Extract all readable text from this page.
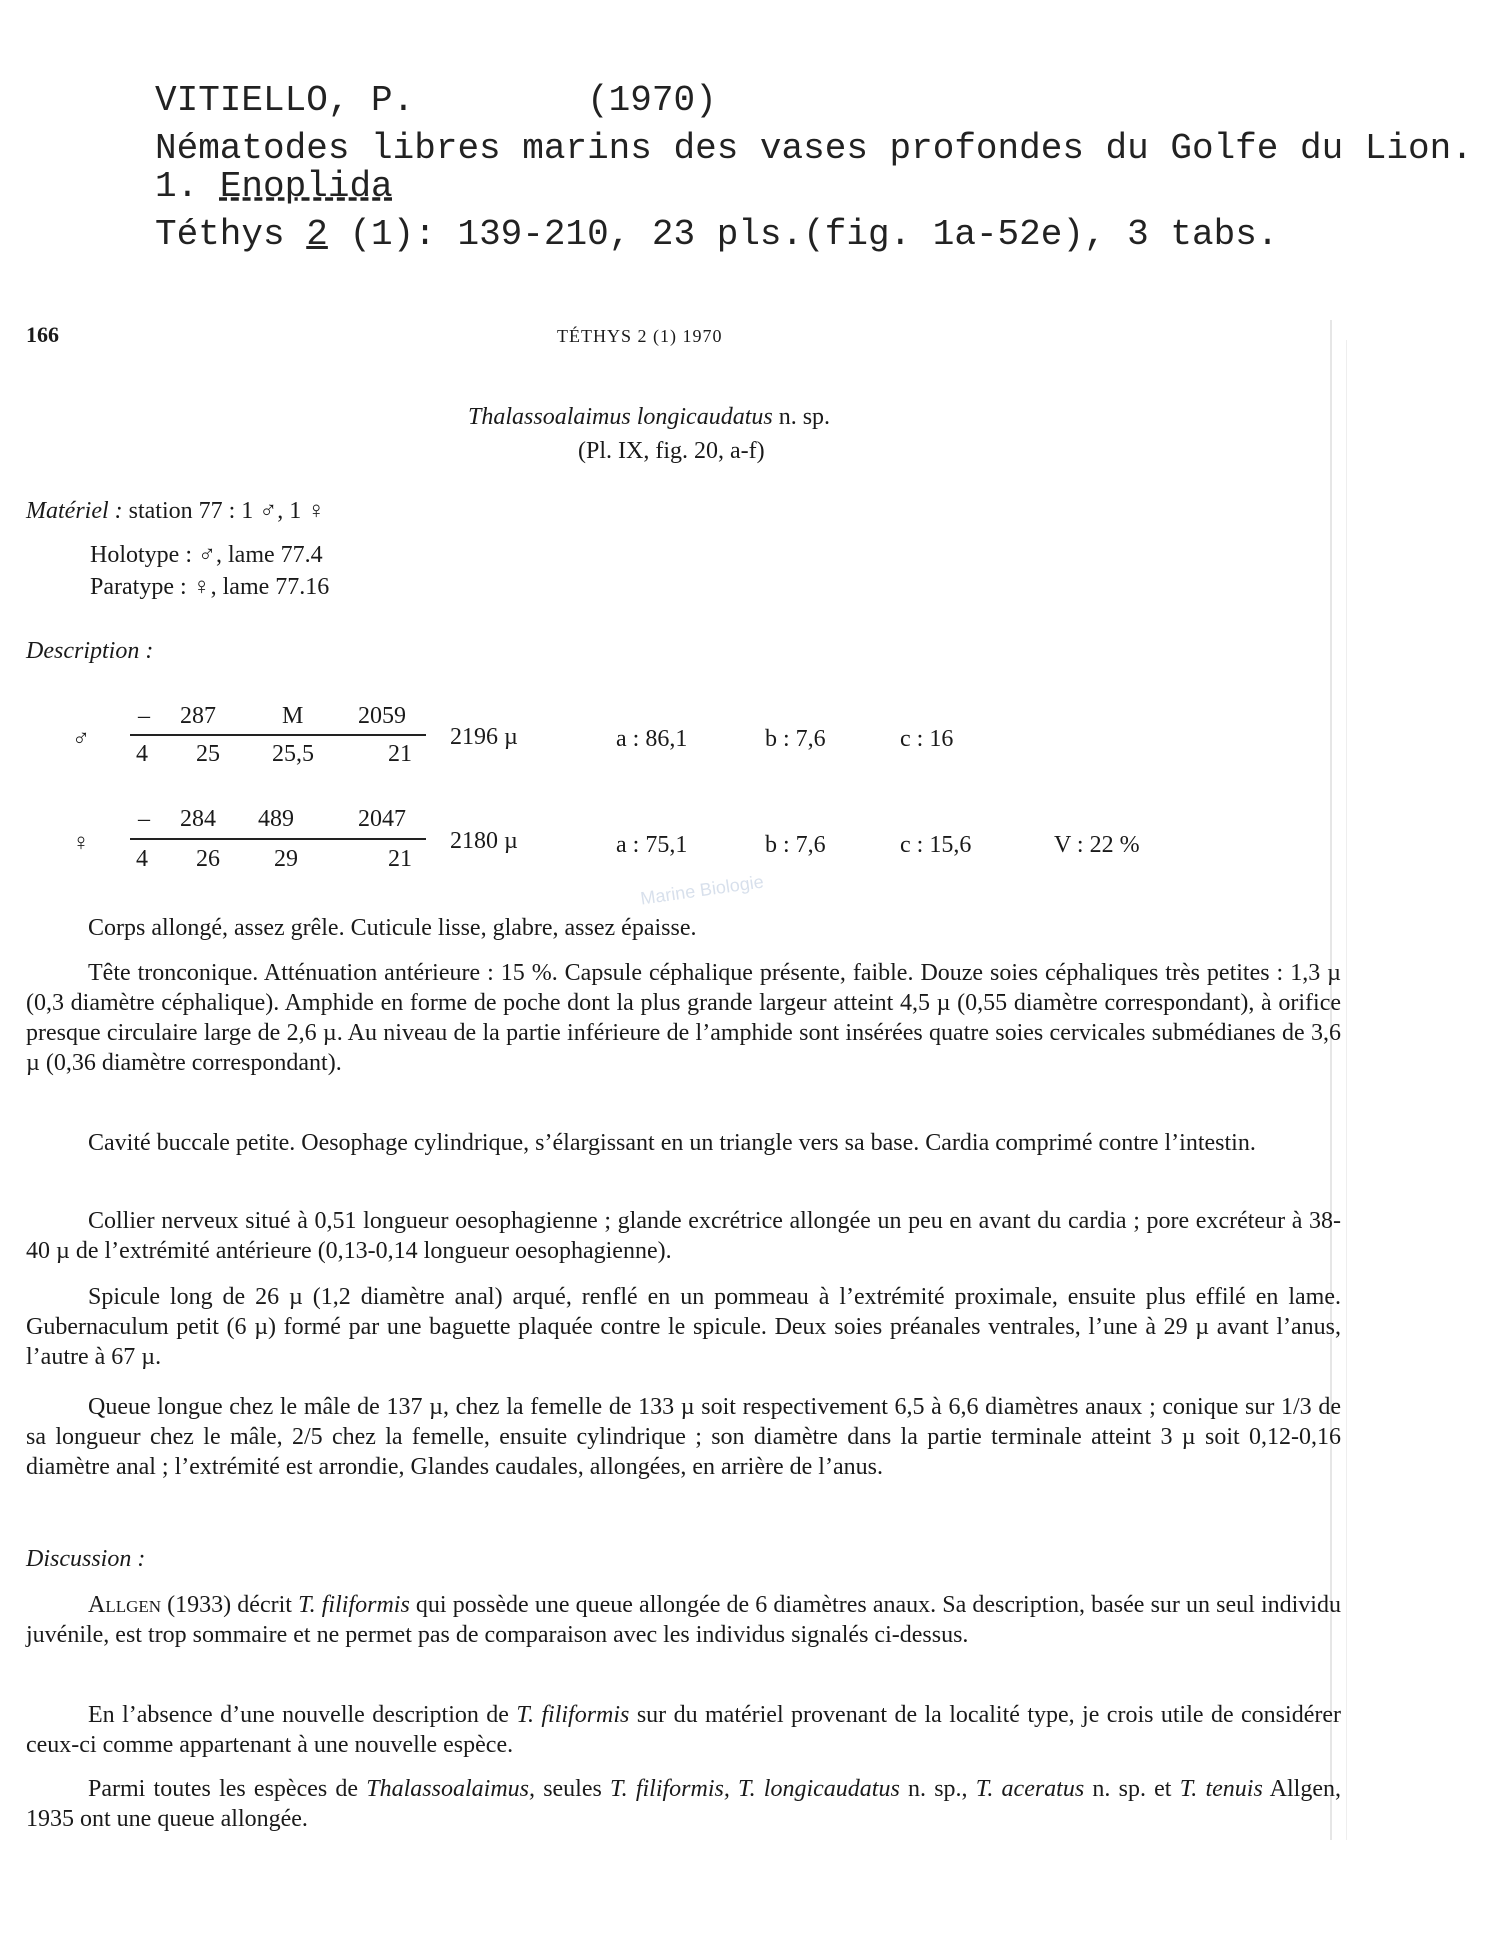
VITIELLO, P.	(1970)
Nématodes libres marins des vases profondes du Golfe du Lion.
1. Enoplida
Téthys 2 (1): 139-210, 23 pls.(fig. 1a-52e), 3 tabs.
166	TÉTHYS 2 (1) 1970
Thalassoalaimus longicaudatus n. sp.
(Pl. IX, fig. 20, a-f)
Matériel : station 77 : 1 ♂, 1 ♀
Holotype : ♂, lame 77.4
Paratype : ♀, lame 77.16
Description :
♂
– 287	M 2059
4 25 25,5	21
2196 µ	a : 86,1	b : 7,6	c : 16
♀
– 284 489	2047
4 26 29	21
2180 µ	a : 75,1	b : 7,6	c : 15,6	V : 22 %
Marine Biologie
Corps allongé, assez grêle. Cuticule lisse, glabre, assez épaisse.
Tête tronconique. Atténuation antérieure : 15 %. Capsule céphalique présente, faible. Douze soies céphaliques très petites : 1,3 µ (0,3 diamètre céphalique). Amphide en forme de poche dont la plus grande largeur atteint 4,5 µ (0,55 diamètre correspondant), à orifice presque circulaire large de 2,6 µ. Au niveau de la partie inférieure de l’amphide sont insérées quatre soies cervicales submédianes de 3,6 µ (0,36 diamètre correspondant).
Cavité buccale petite. Oesophage cylindrique, s’élargissant en un triangle vers sa base. Cardia comprimé contre l’intestin.
Collier nerveux situé à 0,51 longueur oesophagienne ; glande excrétrice allongée un peu en avant du cardia ; pore excréteur à 38-40 µ de l’extrémité antérieure (0,13-0,14 longueur oesophagienne).
Spicule long de 26 µ (1,2 diamètre anal) arqué, renflé en un pommeau à l’extrémité proximale, ensuite plus effilé en lame. Gubernaculum petit (6 µ) formé par une baguette plaquée contre le spicule. Deux soies préanales ventrales, l’une à 29 µ avant l’anus, l’autre à 67 µ.
Queue longue chez le mâle de 137 µ, chez la femelle de 133 µ soit respectivement 6,5 à 6,6 diamètres anaux ; conique sur 1/3 de sa longueur chez le mâle, 2/5 chez la femelle, ensuite cylindrique ; son diamètre dans la partie terminale atteint 3 µ soit 0,12-0,16 diamètre anal ; l’extrémité est arrondie, Glandes caudales, allongées, en arrière de l’anus.
Discussion :
Allgen (1933) décrit T. filiformis qui possède une queue allongée de 6 diamètres anaux. Sa description, basée sur un seul individu juvénile, est trop sommaire et ne permet pas de comparaison avec les individus signalés ci-dessus.
En l’absence d’une nouvelle description de T. filiformis sur du matériel provenant de la localité type, je crois utile de considérer ceux-ci comme appartenant à une nouvelle espèce.
Parmi toutes les espèces de Thalassoalaimus, seules T. filiformis, T. longicaudatus n. sp., T. aceratus n. sp. et T. tenuis Allgen, 1935 ont une queue allongée.
